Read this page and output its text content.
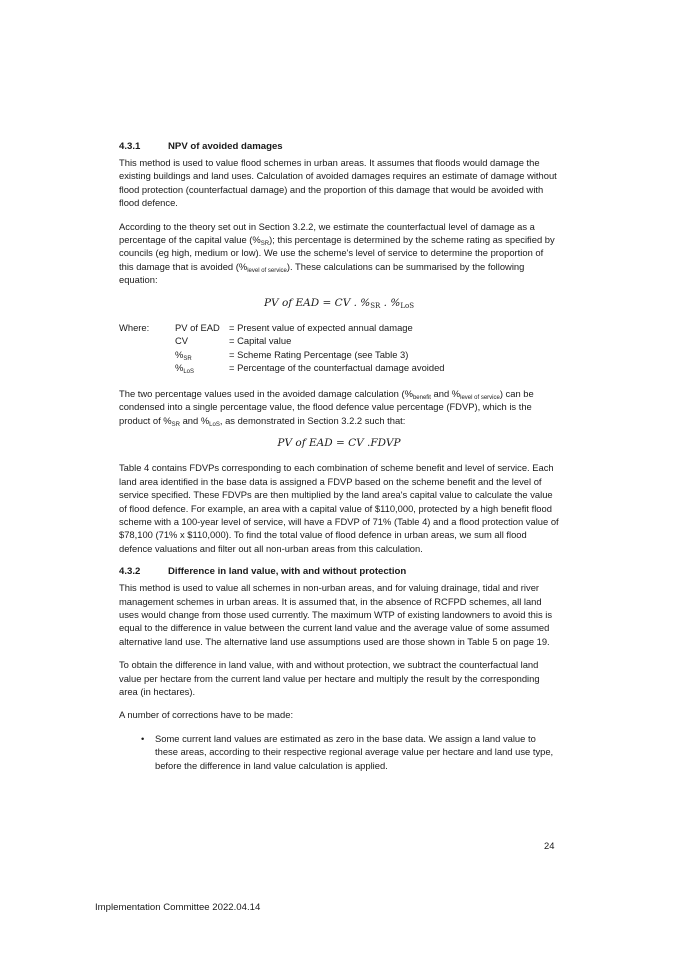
4.3.1	NPV of avoided damages

This method is used to value flood schemes in urban areas. It assumes that floods would damage the existing buildings and land uses. Calculation of avoided damages requires an estimate of damage without flood protection (counterfactual damage) and the proportion of this damage that would be avoided with flood defence.

According to the theory set out in Section 3.2.2, we estimate the counterfactual level of damage as a percentage of the capital value $(\%_{SR})$; this percentage is determined by the scheme rating as specified by councils (eg high, medium or low). We use the scheme's level of service to determine the proportion of this damage that is avoided $(\%_{level of service})$. These calculations can be summarised by the following equation:

PV of EAD = CV . $\%_{SR}$ . $\%_{LoS}$
Where:	PV of EAD	= Present value of expected annual damage
	CV	= Capital value
	$\%_{SR}$	= Scheme Rating Percentage (see Table 3)
	$\%_{LoS}$	= Percentage of the counterfactual damage avoided

The two percentage values used in the avoided damage calculation ($\%_{benefit}$ and $\%_{level of service}$) can be condensed into a single percentage value, the flood defence value percentage (FDVP), which is the product of $\%_{SR}$ and $\%_{LoS}$, as demonstrated in Section 3.2.2 such that:

PV of EAD = CV .FDVP

Table 4 contains FDVPs corresponding to each combination of scheme benefit and level of service. Each land area identified in the base data is assigned a FDVP based on the scheme benefit and the level of service specified. These FDVPs are then multiplied by the land area's capital value to calculate the value of flood defence. For example, an area with a capital value of $110,000, protected by a high benefit flood scheme with a 100-year level of service, will have a FDVP of 71% (Table 4) and a flood protection value of $78,100 (71% x $110,000). To find the total value of flood defence in urban areas, we sum all flood defence valuations and filter out all non-urban areas from this calculation.

4.3.2	Difference in land value, with and without protection

This method is used to value all schemes in non-urban areas, and for valuing drainage, tidal and river management schemes in urban areas. It is assumed that, in the absence of RCFPD schemes, all land uses would change from those used currently. The maximum WTP of existing landowners to avoid this is equal to the difference in value between the current land value and the average value of some assumed alternative land use. The alternative land use assumptions used are those shown in Table 5 on page 19.

To obtain the difference in land value, with and without protection, we subtract the counterfactual land value per hectare from the current land value per hectare and multiply the result by the corresponding area (in hectares).

A number of corrections have to be made:

• Some current land values are estimated as zero in the base data. We assign a land value to these areas, according to their respective regional average value per hectare and land use type, before the difference in land value calculation is applied.
24
Implementation Committee 2022.04.14
